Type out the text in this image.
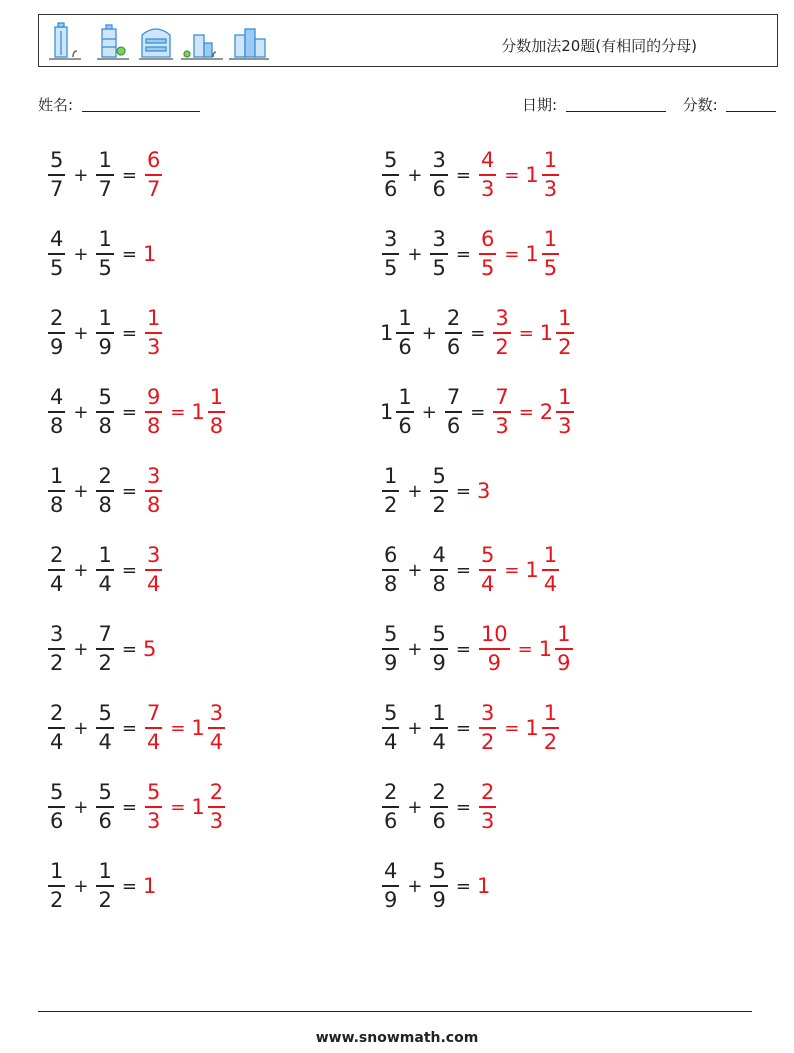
分数加法20题(有相同的分母)
姓名:	日期:	分数:
$\frac{5}{7} + \frac{1}{7} = \frac{6}{7}$	$\frac{5}{6} + \frac{3}{6} = \frac{4}{3} = 1 \frac{1}{3}$
$\frac{4}{5} + \frac{1}{5} = 1$	$\frac{3}{5} + \frac{3}{5} = \frac{6}{5} = 1 \frac{1}{5}$
$\frac{2}{9} + \frac{1}{9} = \frac{1}{3}$	$1 \frac{1}{6} + \frac{2}{6} = \frac{3}{2} = 1 \frac{1}{2}$
$\frac{4}{8} + \frac{5}{8} = \frac{9}{8} = 1 \frac{1}{8}$	$1 \frac{1}{6} + \frac{7}{6} = \frac{7}{3} = 2 \frac{1}{3}$
$\frac{1}{8} + \frac{2}{8} = \frac{3}{8}$	$\frac{1}{2} + \frac{5}{2} = 3$
$\frac{2}{4} + \frac{1}{4} = \frac{3}{4}$	$\frac{6}{8} + \frac{4}{8} = \frac{5}{4} = 1 \frac{1}{4}$
$\frac{3}{2} + \frac{7}{2} = 5$	$\frac{5}{9} + \frac{5}{9} = \frac{10}{9} = 1 \frac{1}{9}$
$\frac{2}{4} + \frac{5}{4} = \frac{7}{4} = 1 \frac{3}{4}$	$\frac{5}{4} + \frac{1}{4} = \frac{3}{2} = 1 \frac{1}{2}$
$\frac{5}{6} + \frac{5}{6} = \frac{5}{3} = 1 \frac{2}{3}$	$\frac{2}{6} + \frac{2}{6} = \frac{2}{3}$
$\frac{1}{2} + \frac{1}{2} = 1$	$\frac{4}{9} + \frac{5}{9} = 1$
www.snowmath.com
